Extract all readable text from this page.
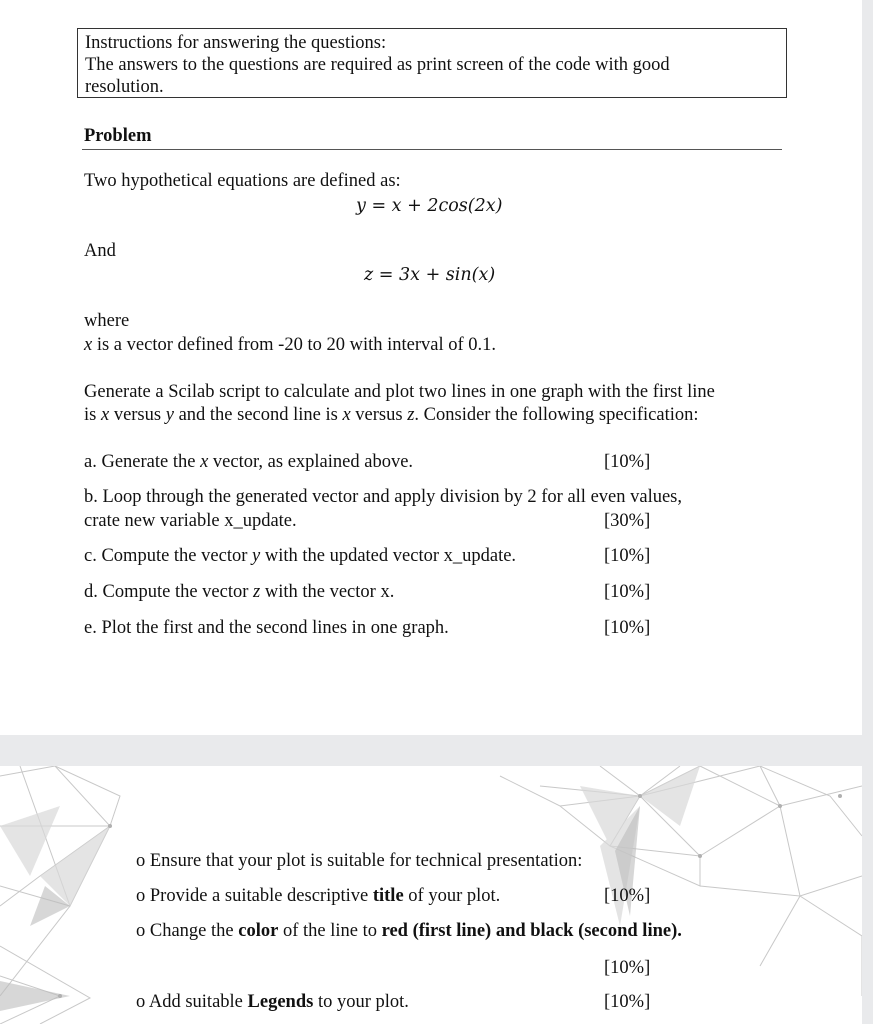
Instructions for answering the questions:
The answers to the questions are required as print screen of the code with good
resolution.
Problem
Two hypothetical equations are defined as:
y = x + 2cos(2x)
And
z = 3x + sin(x)
where
x is a vector defined from -20 to 20 with interval of 0.1.
Generate a Scilab script to calculate and plot two lines in one graph with the first line
is x versus y and the second line is x versus z. Consider the following specification:
a. Generate the x vector, as explained above.	[10%]
b. Loop through the generated vector and apply division by 2 for all even values,
crate new variable x_update.	[30%]
c. Compute the vector y with the updated vector x_update.	[10%]
d. Compute the vector z with the vector x.	[10%]
e. Plot the first and the second lines in one graph.	[10%]
o Ensure that your plot is suitable for technical presentation:
o Provide a suitable descriptive title of your plot.	[10%]
o Change the color of the line to red (first line) and black (second line).
[10%]
o Add suitable Legends to your plot.	[10%]
